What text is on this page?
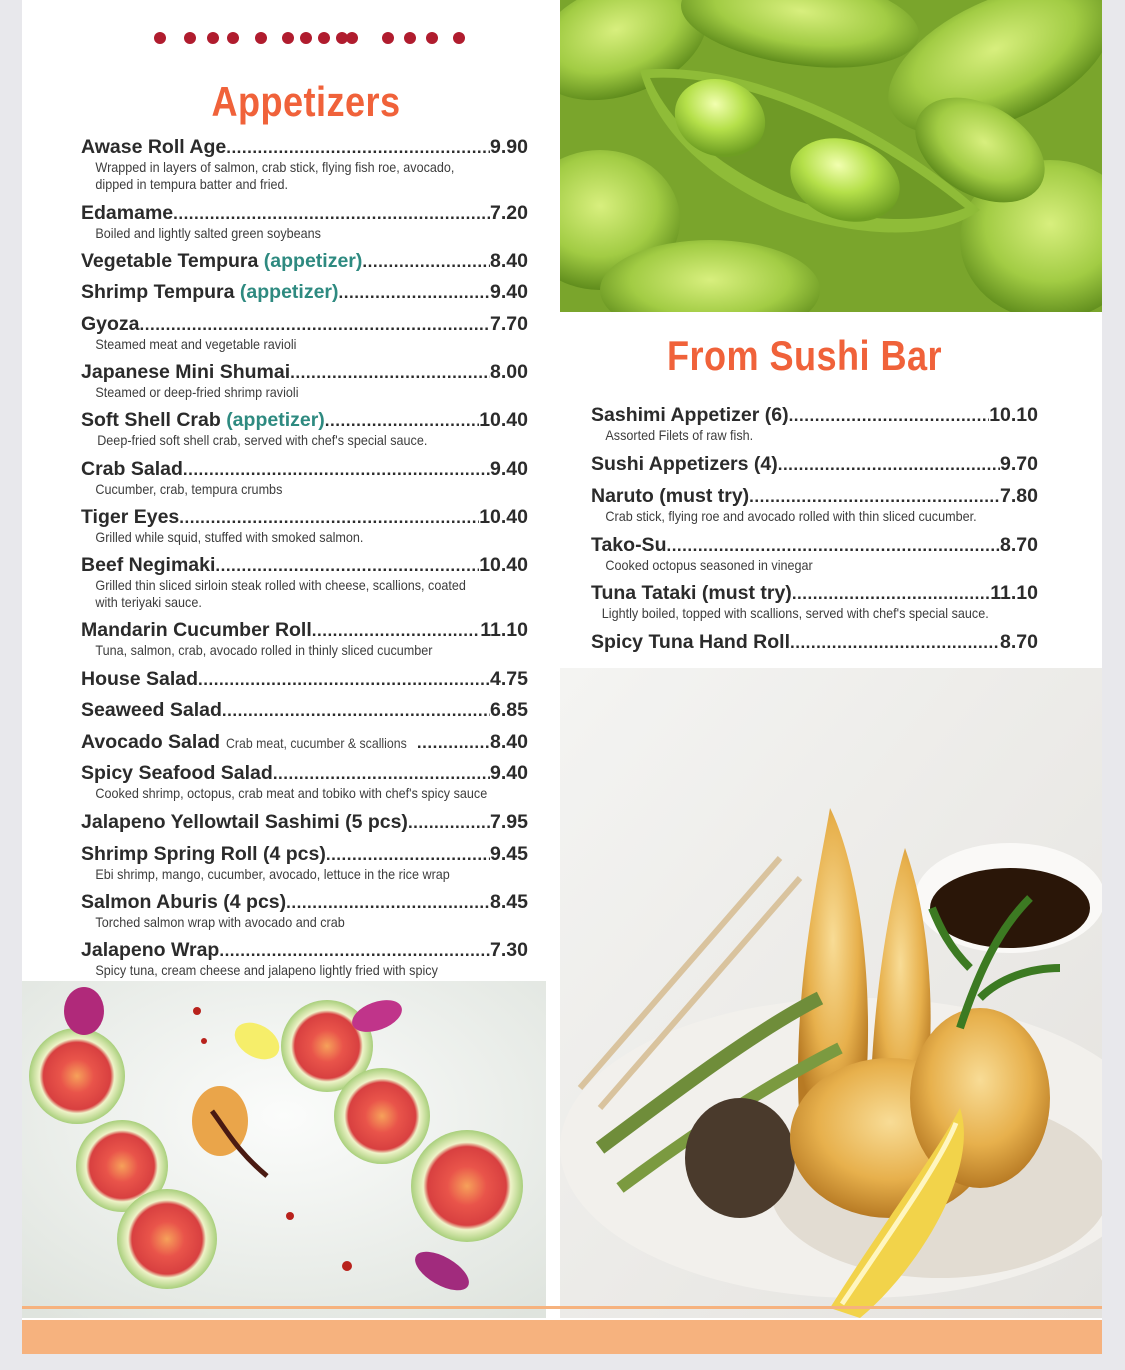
Appetizers
Awase Roll Age .....	9.90
Wrapped in layers of salmon, crab stick, flying fish roe, avocado, dipped in tempura batter and fried.
Edamame .....	7.20
Boiled and lightly salted green soybeans
Vegetable Tempura (appetizer) .....	8.40
Shrimp Tempura (appetizer) .....	9.40
Gyoza .....	7.70
Steamed meat and vegetable ravioli
Japanese Mini Shumai .....	8.00
Steamed or deep-fried shrimp ravioli
Soft Shell Crab (appetizer) .....	10.40
Deep-fried soft shell crab, served with chef's special sauce.
Crab Salad .....	9.40
Cucumber, crab, tempura crumbs
Tiger Eyes .....	10.40
Grilled while squid, stuffed with smoked salmon.
Beef Negimaki .....	10.40
Grilled thin sliced sirloin steak rolled with cheese, scallions, coated with teriyaki sauce.
Mandarin Cucumber Roll .....	11.10
Tuna, salmon, crab, avocado rolled in thinly sliced cucumber
House Salad .....	4.75
Seaweed Salad .....	6.85
Avocado Salad Crab meat, cucumber & scallions .....	8.40
Spicy Seafood Salad .....	9.40
Cooked shrimp, octopus, crab meat and tobiko with chef's spicy sauce
Jalapeno Yellowtail Sashimi (5 pcs) .....	7.95
Shrimp Spring Roll (4 pcs) .....	9.45
Ebi shrimp, mango, cucumber, avocado, lettuce in the rice wrap
Salmon Aburis (4 pcs) .....	8.45
Torched salmon wrap with avocado and crab
Jalapeno Wrap .....	7.30
Spicy tuna, cream cheese and jalapeno lightly fried with spicy
From Sushi Bar
Sashimi Appetizer (6) .....	10.10
Assorted Filets of raw fish.
Sushi Appetizers (4) .....	9.70
Naruto (must try) .....	7.80
Crab stick, flying roe and avocado rolled with thin sliced cucumber.
Tako-Su .....	8.70
Cooked octopus seasoned in vinegar
Tuna Tataki (must try) .....	11.10
Lightly boiled, topped with scallions, served with chef's special sauce.
Spicy Tuna Hand Roll .....	8.70
